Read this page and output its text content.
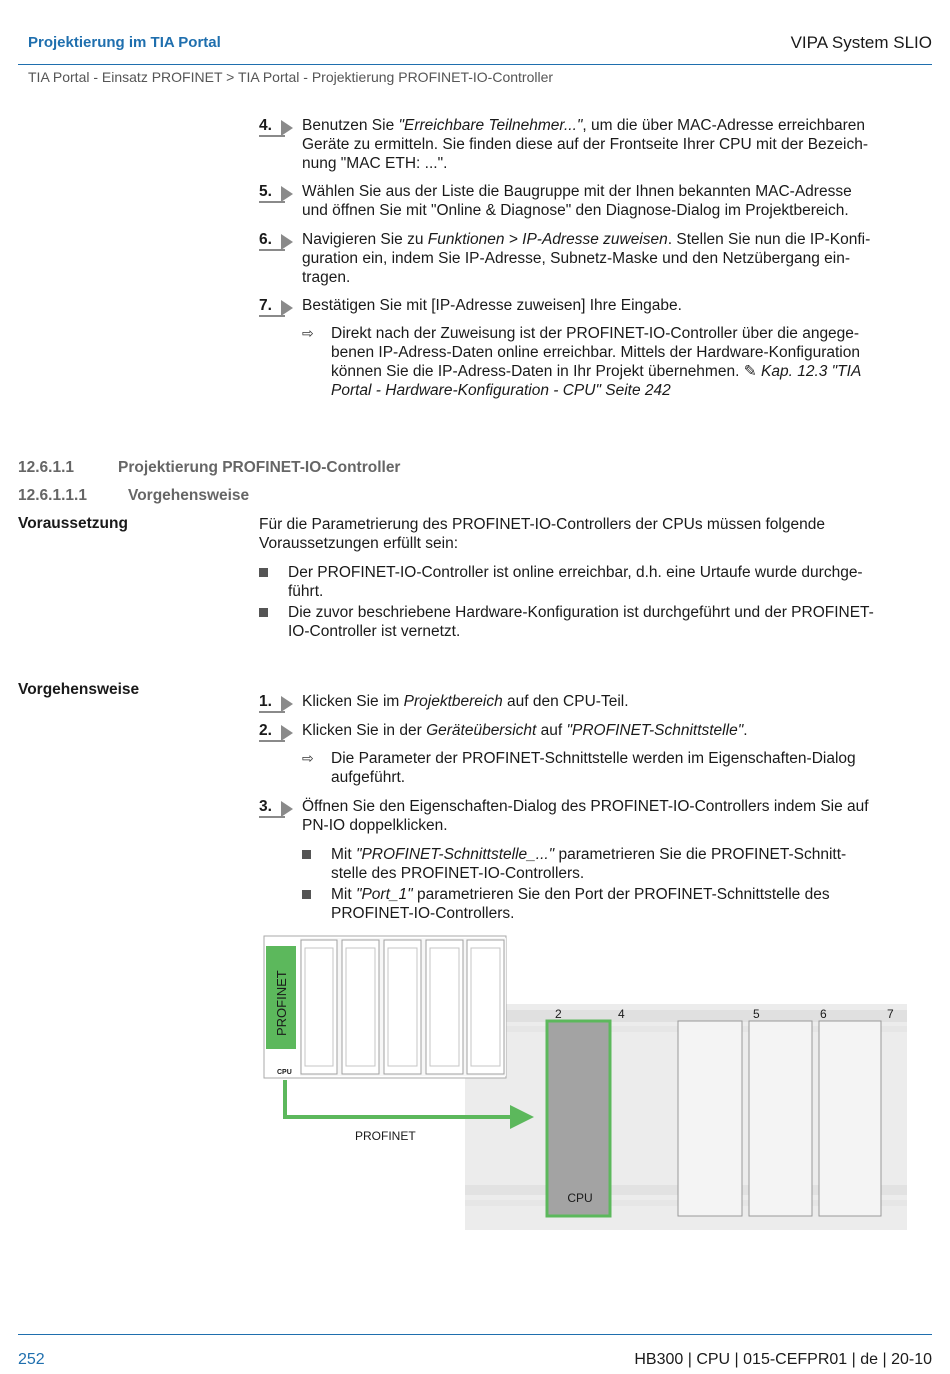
Projektierung im TIA Portal	VIPA System SLIO
TIA Portal - Einsatz PROFINET > TIA Portal - Projektierung PROFINET-IO-Controller
4.	Benutzen Sie "Erreichbare Teilnehmer...", um die über MAC-Adresse erreichbaren
Geräte zu ermitteln. Sie finden diese auf der Frontseite Ihrer CPU mit der Bezeich-
nung "MAC ETH: ...".
5.	Wählen Sie aus der Liste die Baugruppe mit der Ihnen bekannten MAC-Adresse
und öffnen Sie mit "Online & Diagnose" den Diagnose-Dialog im Projektbereich.
6.	Navigieren Sie zu Funktionen > IP-Adresse zuweisen. Stellen Sie nun die IP-Konfi-
guration ein, indem Sie IP-Adresse, Subnetz-Maske und den Netzübergang ein-
tragen.
7.	Bestätigen Sie mit [IP-Adresse zuweisen] Ihre Eingabe.
⇨ Direkt nach der Zuweisung ist der PROFINET-IO-Controller über die angege-
benen IP-Adress-Daten online erreichbar. Mittels der Hardware-Konfiguration
können Sie die IP-Adress-Daten in Ihr Projekt übernehmen. ✎ Kap. 12.3 "TIA
Portal - Hardware-Konfiguration - CPU" Seite 242
12.6.1.1	Projektierung PROFINET-IO-Controller
12.6.1.1.1	Vorgehensweise
Voraussetzung	Für die Parametrierung des PROFINET-IO-Controllers der CPUs müssen folgende
Voraussetzungen erfüllt sein:
Der PROFINET-IO-Controller ist online erreichbar, d.h. eine Urtaufe wurde durchge-
führt.
Die zuvor beschriebene Hardware-Konfiguration ist durchgeführt und der PROFINET-
IO-Controller ist vernetzt.
Vorgehensweise
1.	Klicken Sie im Projektbereich auf den CPU-Teil.
2.	Klicken Sie in der Geräteübersicht auf "PROFINET-Schnittstelle".
⇨ Die Parameter der PROFINET-Schnittstelle werden im Eigenschaften-Dialog
aufgeführt.
3.	Öffnen Sie den Eigenschaften-Dialog des PROFINET-IO-Controllers indem Sie auf
PN-IO doppelklicken.
Mit "PROFINET-Schnittstelle_..." parametrieren Sie die PROFINET-Schnitt-
stelle des PROFINET-IO-Controllers.
Mit "Port_1" parametrieren Sie den Port der PROFINET-Schnittstelle des
PROFINET-IO-Controllers.
CPU
2	4	5	6	7
PROFINET
CPU
PROFINET
252	HB300 | CPU | 015-CEFPR01 | de | 20-10
